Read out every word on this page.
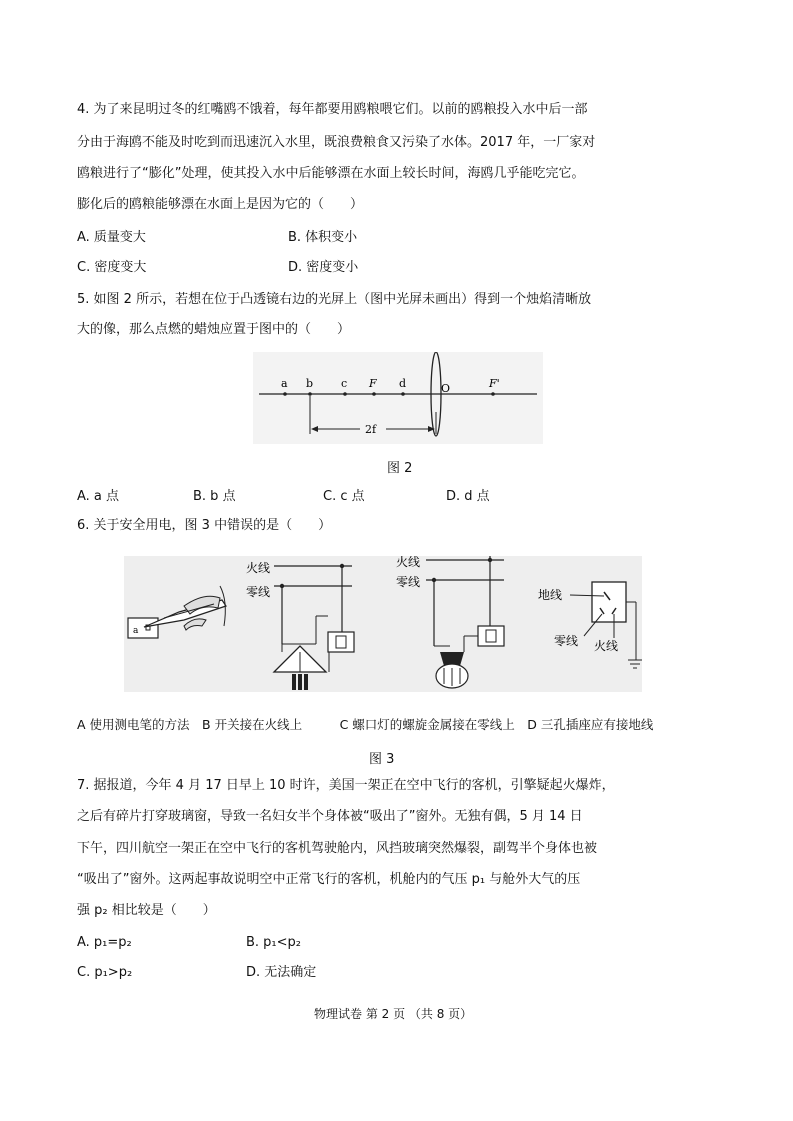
4. 为了来昆明过冬的红嘴鸥不饿着，每年都要用鸥粮喂它们。以前的鸥粮投入水中后一部
分由于海鸥不能及时吃到而迅速沉入水里，既浪费粮食又污染了水体。2017 年，一厂家对
鸥粮进行了“膨化”处理，使其投入水中后能够漂在水面上较长时间，海鸥几乎能吃完它。
膨化后的鸥粮能够漂在水面上是因为它的（　　）
A. 质量变大	B. 体积变小
C. 密度变大	D. 密度变小
5. 如图 2 所示，若想在位于凸透镜右边的光屏上（图中光屏未画出）得到一个烛焰清晰放
大的像，那么点燃的蜡烛应置于图中的（　　）
a b	c F d	O	F'
2f
图 2
A. a 点	B. b 点	C. c 点	D. d 点
6. 关于安全用电，图 3 中错误的是（　　）
a
火线
零线
火线
零线
地线
零线 火线
A 使用测电笔的方法　B 开关接在火线上　　　C 螺口灯的螺旋金属接在零线上　D 三孔插座应有接地线
图 3
7. 据报道，今年 4 月 17 日早上 10 时许，美国一架正在空中飞行的客机，引擎疑起火爆炸，
之后有碎片打穿玻璃窗，导致一名妇女半个身体被“吸出了”窗外。无独有偶，5 月 14 日
下午，四川航空一架正在空中飞行的客机驾驶舱内，风挡玻璃突然爆裂，副驾半个身体也被
“吸出了”窗外。这两起事故说明空中正常飞行的客机，机舱内的气压 p₁ 与舱外大气的压
强 p₂ 相比较是（　　）
A. p₁=p₂	B. p₁<p₂
C. p₁>p₂	D. 无法确定
物理试卷 第 2 页 （共 8 页）
